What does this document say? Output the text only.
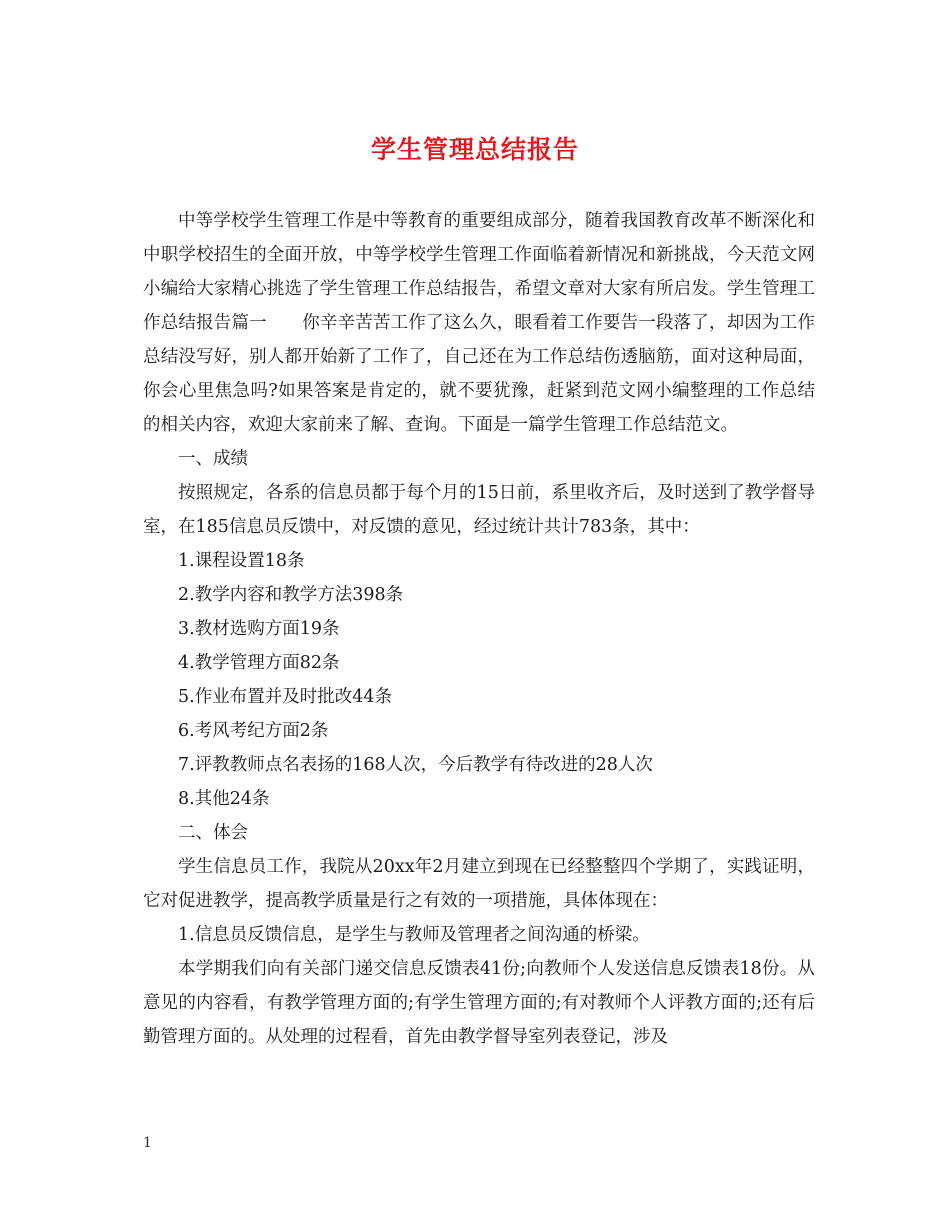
学生管理总结报告

中等学校学生管理工作是中等教育的重要组成部分，随着我国教育改革不断深化和中职学校招生的全面开放，中等学校学生管理工作面临着新情况和新挑战，今天范文网小编给大家精心挑选了学生管理工作总结报告，希望文章对大家有所启发。学生管理工作总结报告篇一　　你辛辛苦苦工作了这么久，眼看着工作要告一段落了，却因为工作总结没写好，别人都开始新了工作了，自己还在为工作总结伤透脑筋，面对这种局面，你会心里焦急吗?如果答案是肯定的，就不要犹豫，赶紧到范文网小编整理的工作总结的相关内容，欢迎大家前来了解、查询。下面是一篇学生管理工作总结范文。

一、成绩

按照规定，各系的信息员都于每个月的15日前，系里收齐后，及时送到了教学督导室，在185信息员反馈中，对反馈的意见，经过统计共计783条，其中：

1.课程设置18条

2.教学内容和教学方法398条

3.教材选购方面19条

4.教学管理方面82条

5.作业布置并及时批改44条

6.考风考纪方面2条

7.评教教师点名表扬的168人次，今后教学有待改进的28人次

8.其他24条

二、体会

学生信息员工作，我院从20xx年2月建立到现在已经整整四个学期了，实践证明，它对促进教学，提高教学质量是行之有效的一项措施，具体体现在：

1.信息员反馈信息，是学生与教师及管理者之间沟通的桥梁。

本学期我们向有关部门递交信息反馈表41份;向教师个人发送信息反馈表18份。从意见的内容看，有教学管理方面的;有学生管理方面的;有对教师个人评教方面的;还有后勤管理方面的。从处理的过程看，首先由教学督导室列表登记，涉及

1
